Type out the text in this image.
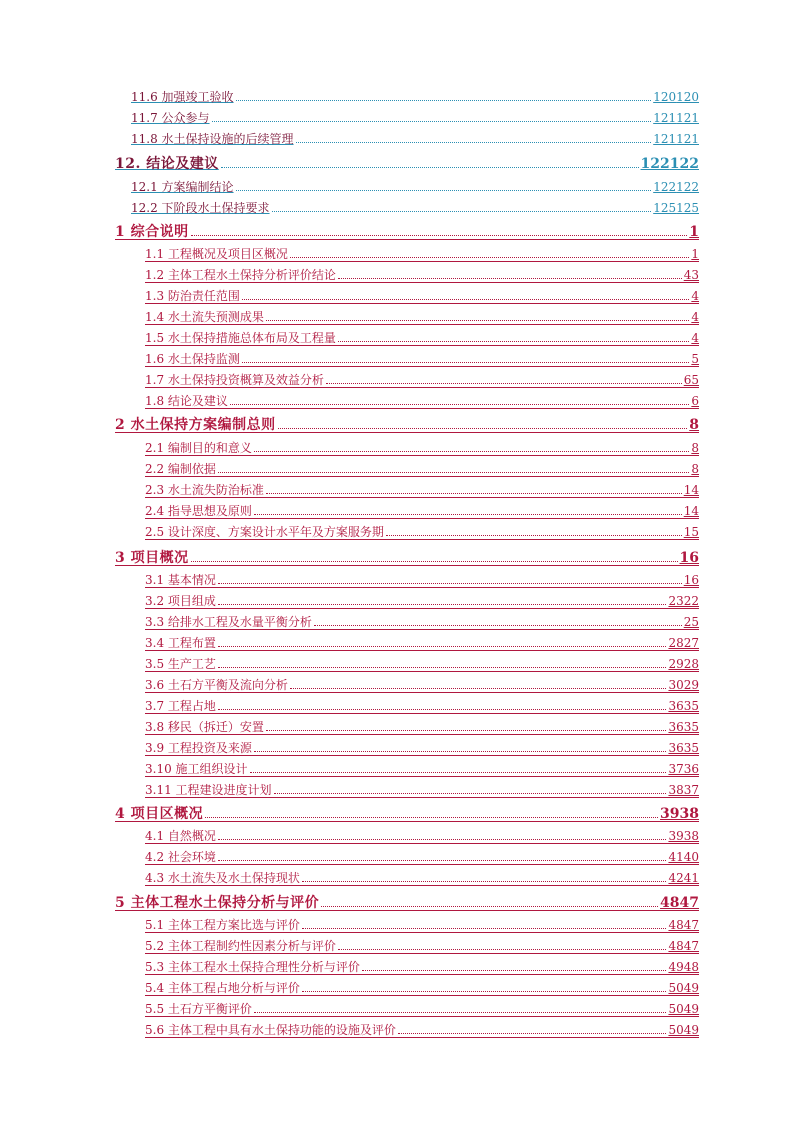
11.6 加强竣工验收	120 120
11.7 公众参与	121 121
11.8 水土保持设施的后续管理	121 121
12. 结论及建议	122 122
12.1 方案编制结论	122 122
12.2 下阶段水土保持要求	125 125
1 综合说明	1
1.1 工程概况及项目区概况	1
1.2 主体工程水土保持分析评价结论	43
1.3 防治责任范围	4
1.4 水土流失预测成果	4
1.5 水土保持措施总体布局及工程量	4
1.6 水土保持监测	5
1.7 水土保持投资概算及效益分析	65
1.8 结论及建议	6
2 水土保持方案编制总则	8
2.1 编制目的和意义	8
2.2 编制依据	8
2.3 水土流失防治标准	14
2.4 指导思想及原则	14
2.5 设计深度、方案设计水平年及方案服务期	15
3 项目概况	16
3.1 基本情况	16
3.2 项目组成	2322
3.3 给排水工程及水量平衡分析	25
3.4 工程布置	2827
3.5 生产工艺	2928
3.6 土石方平衡及流向分析	3029
3.7 工程占地	3635
3.8 移民（拆迁）安置	3635
3.9 工程投资及来源	3635
3.10 施工组织设计	3736
3.11 工程建设进度计划	3837
4 项目区概况	3938
4.1 自然概况	3938
4.2 社会环境	4140
4.3 水土流失及水土保持现状	4241
5 主体工程水土保持分析与评价	4847
5.1 主体工程方案比选与评价	4847
5.2 主体工程制约性因素分析与评价	4847
5.3 主体工程水土保持合理性分析与评价	4948
5.4 主体工程占地分析与评价	5049
5.5 土石方平衡评价	5049
5.6 主体工程中具有水土保持功能的设施及评价	5049
